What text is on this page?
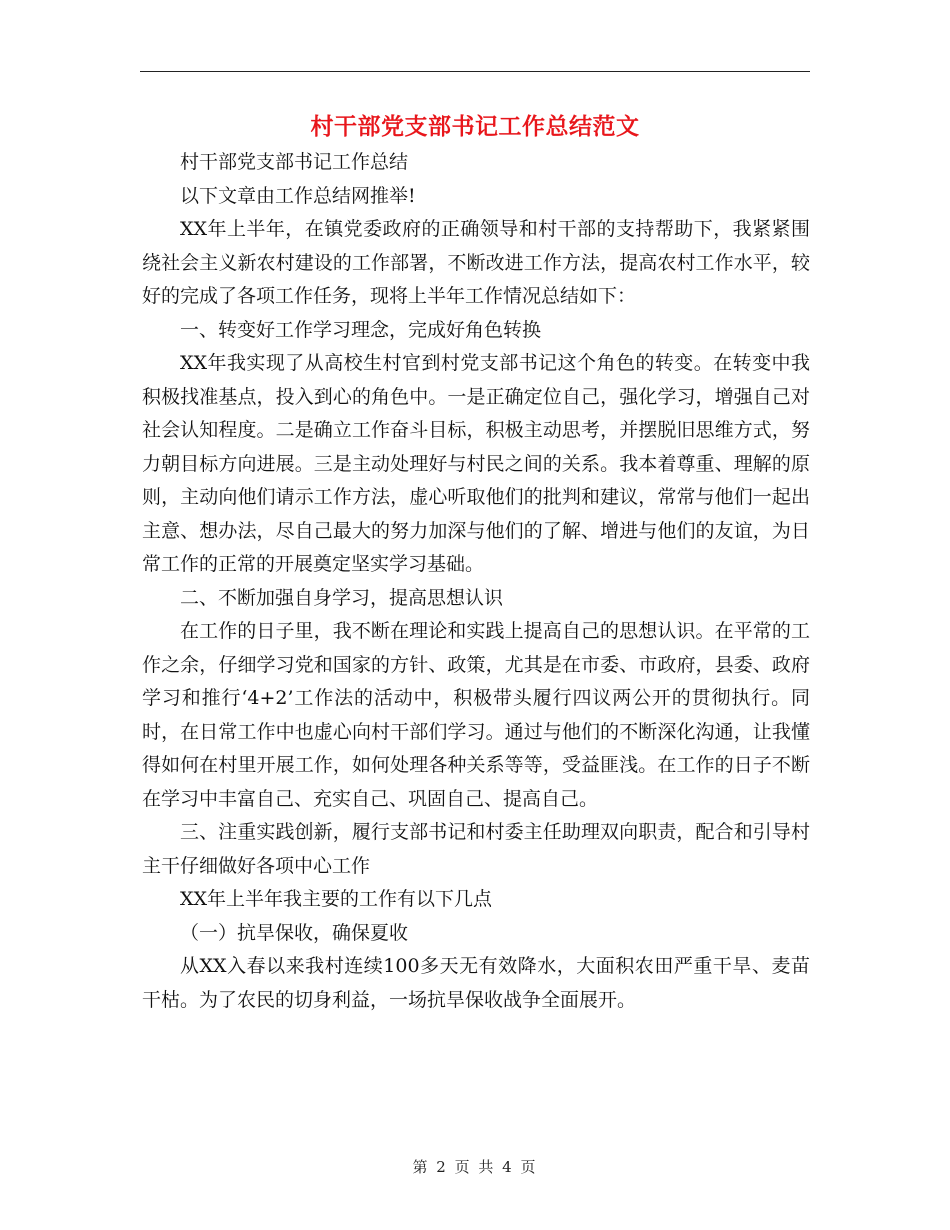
村干部党支部书记工作总结范文

村干部党支部书记工作总结

以下文章由工作总结网推举!

XX年上半年，在镇党委政府的正确领导和村干部的支持帮助下，我紧紧围绕社会主义新农村建设的工作部署，不断改进工作方法，提高农村工作水平，较好的完成了各项工作任务，现将上半年工作情况总结如下：

一、转变好工作学习理念，完成好角色转换

XX年我实现了从高校生村官到村党支部书记这个角色的转变。在转变中我积极找准基点，投入到心的角色中。一是正确定位自己，强化学习，增强自己对社会认知程度。二是确立工作奋斗目标，积极主动思考，并摆脱旧思维方式，努力朝目标方向进展。三是主动处理好与村民之间的关系。我本着尊重、理解的原则，主动向他们请示工作方法，虚心听取他们的批判和建议，常常与他们一起出主意、想办法，尽自己最大的努力加深与他们的了解、增进与他们的友谊，为日常工作的正常的开展奠定坚实学习基础。

二、不断加强自身学习，提高思想认识

在工作的日子里，我不断在理论和实践上提高自己的思想认识。在平常的工作之余，仔细学习党和国家的方针、政策，尤其是在市委、市政府，县委、政府学习和推行‘4+2’工作法的活动中，积极带头履行四议两公开的贯彻执行。同时，在日常工作中也虚心向村干部们学习。通过与他们的不断深化沟通，让我懂得如何在村里开展工作，如何处理各种关系等等，受益匪浅。在工作的日子不断在学习中丰富自己、充实自己、巩固自己、提高自己。

三、注重实践创新，履行支部书记和村委主任助理双向职责，配合和引导村主干仔细做好各项中心工作

XX年上半年我主要的工作有以下几点

（一）抗旱保收，确保夏收

从XX入春以来我村连续100多天无有效降水，大面积农田严重干旱、麦苗干枯。为了农民的切身利益，一场抗旱保收战争全面展开。

第 2 页 共 4 页
